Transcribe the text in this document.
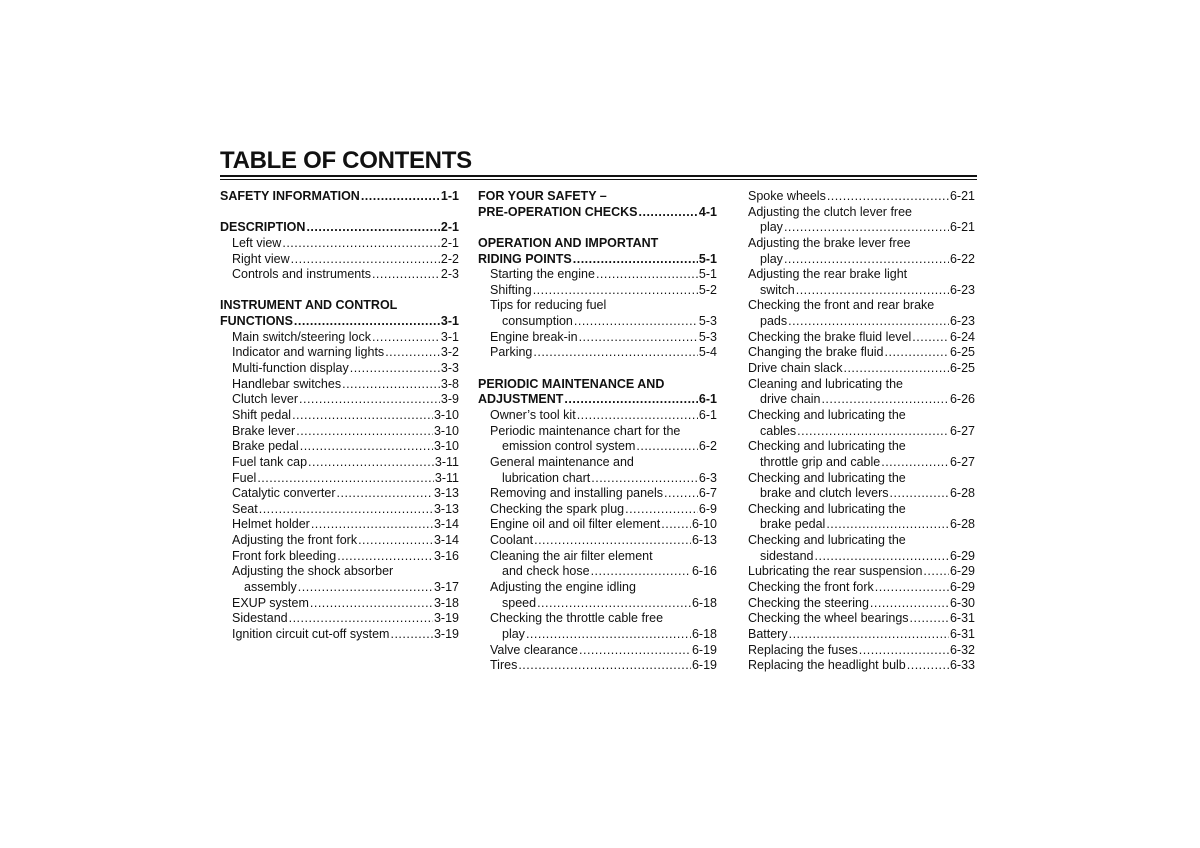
TABLE OF CONTENTS
SAFETY INFORMATION .....	1-1
DESCRIPTION .....	2-1
Left view .....	2-1
Right view .....	2-2
Controls and instruments .....	2-3
INSTRUMENT AND CONTROL
FUNCTIONS .....	3-1
Main switch/steering lock .....	3-1
Indicator and warning lights .....	3-2
Multi-function display .....	3-3
Handlebar switches .....	3-8
Clutch lever .....	3-9
Shift pedal .....	3-10
Brake lever .....	3-10
Brake pedal .....	3-10
Fuel tank cap .....	3-11
Fuel .....	3-11
Catalytic converter .....	3-13
Seat .....	3-13
Helmet holder .....	3-14
Adjusting the front fork .....	3-14
Front fork bleeding .....	3-16
Adjusting the shock absorber
assembly .....	3-17
EXUP system .....	3-18
Sidestand .....	3-19
Ignition circuit cut-off system .....	3-19
FOR YOUR SAFETY –
PRE-OPERATION CHECKS .....	4-1
OPERATION AND IMPORTANT
RIDING POINTS .....	5-1
Starting the engine .....	5-1
Shifting .....	5-2
Tips for reducing fuel
consumption .....	5-3
Engine break-in .....	5-3
Parking .....	5-4
PERIODIC MAINTENANCE AND
ADJUSTMENT .....	6-1
Owner’s tool kit .....	6-1
Periodic maintenance chart for the
emission control system .....	6-2
General maintenance and
lubrication chart .....	6-3
Removing and installing panels .....	6-7
Checking the spark plug .....	6-9
Engine oil and oil filter element .....	6-10
Coolant .....	6-13
Cleaning the air filter element
and check hose .....	6-16
Adjusting the engine idling
speed .....	6-18
Checking the throttle cable free
play .....	6-18
Valve clearance .....	6-19
Tires .....	6-19
Spoke wheels .....	6-21
Adjusting the clutch lever free
play .....	6-21
Adjusting the brake lever free
play .....	6-22
Adjusting the rear brake light
switch .....	6-23
Checking the front and rear brake
pads .....	6-23
Checking the brake fluid level .....	6-24
Changing the brake fluid .....	6-25
Drive chain slack .....	6-25
Cleaning and lubricating the
drive chain .....	6-26
Checking and lubricating the
cables .....	6-27
Checking and lubricating the
throttle grip and cable .....	6-27
Checking and lubricating the
brake and clutch levers .....	6-28
Checking and lubricating the
brake pedal .....	6-28
Checking and lubricating the
sidestand .....	6-29
Lubricating the rear suspension ..... 6-29
Checking the front fork .....	6-29
Checking the steering .....	6-30
Checking the wheel bearings .....	6-31
Battery .....	6-31
Replacing the fuses .....	6-32
Replacing the headlight bulb .....	6-33
